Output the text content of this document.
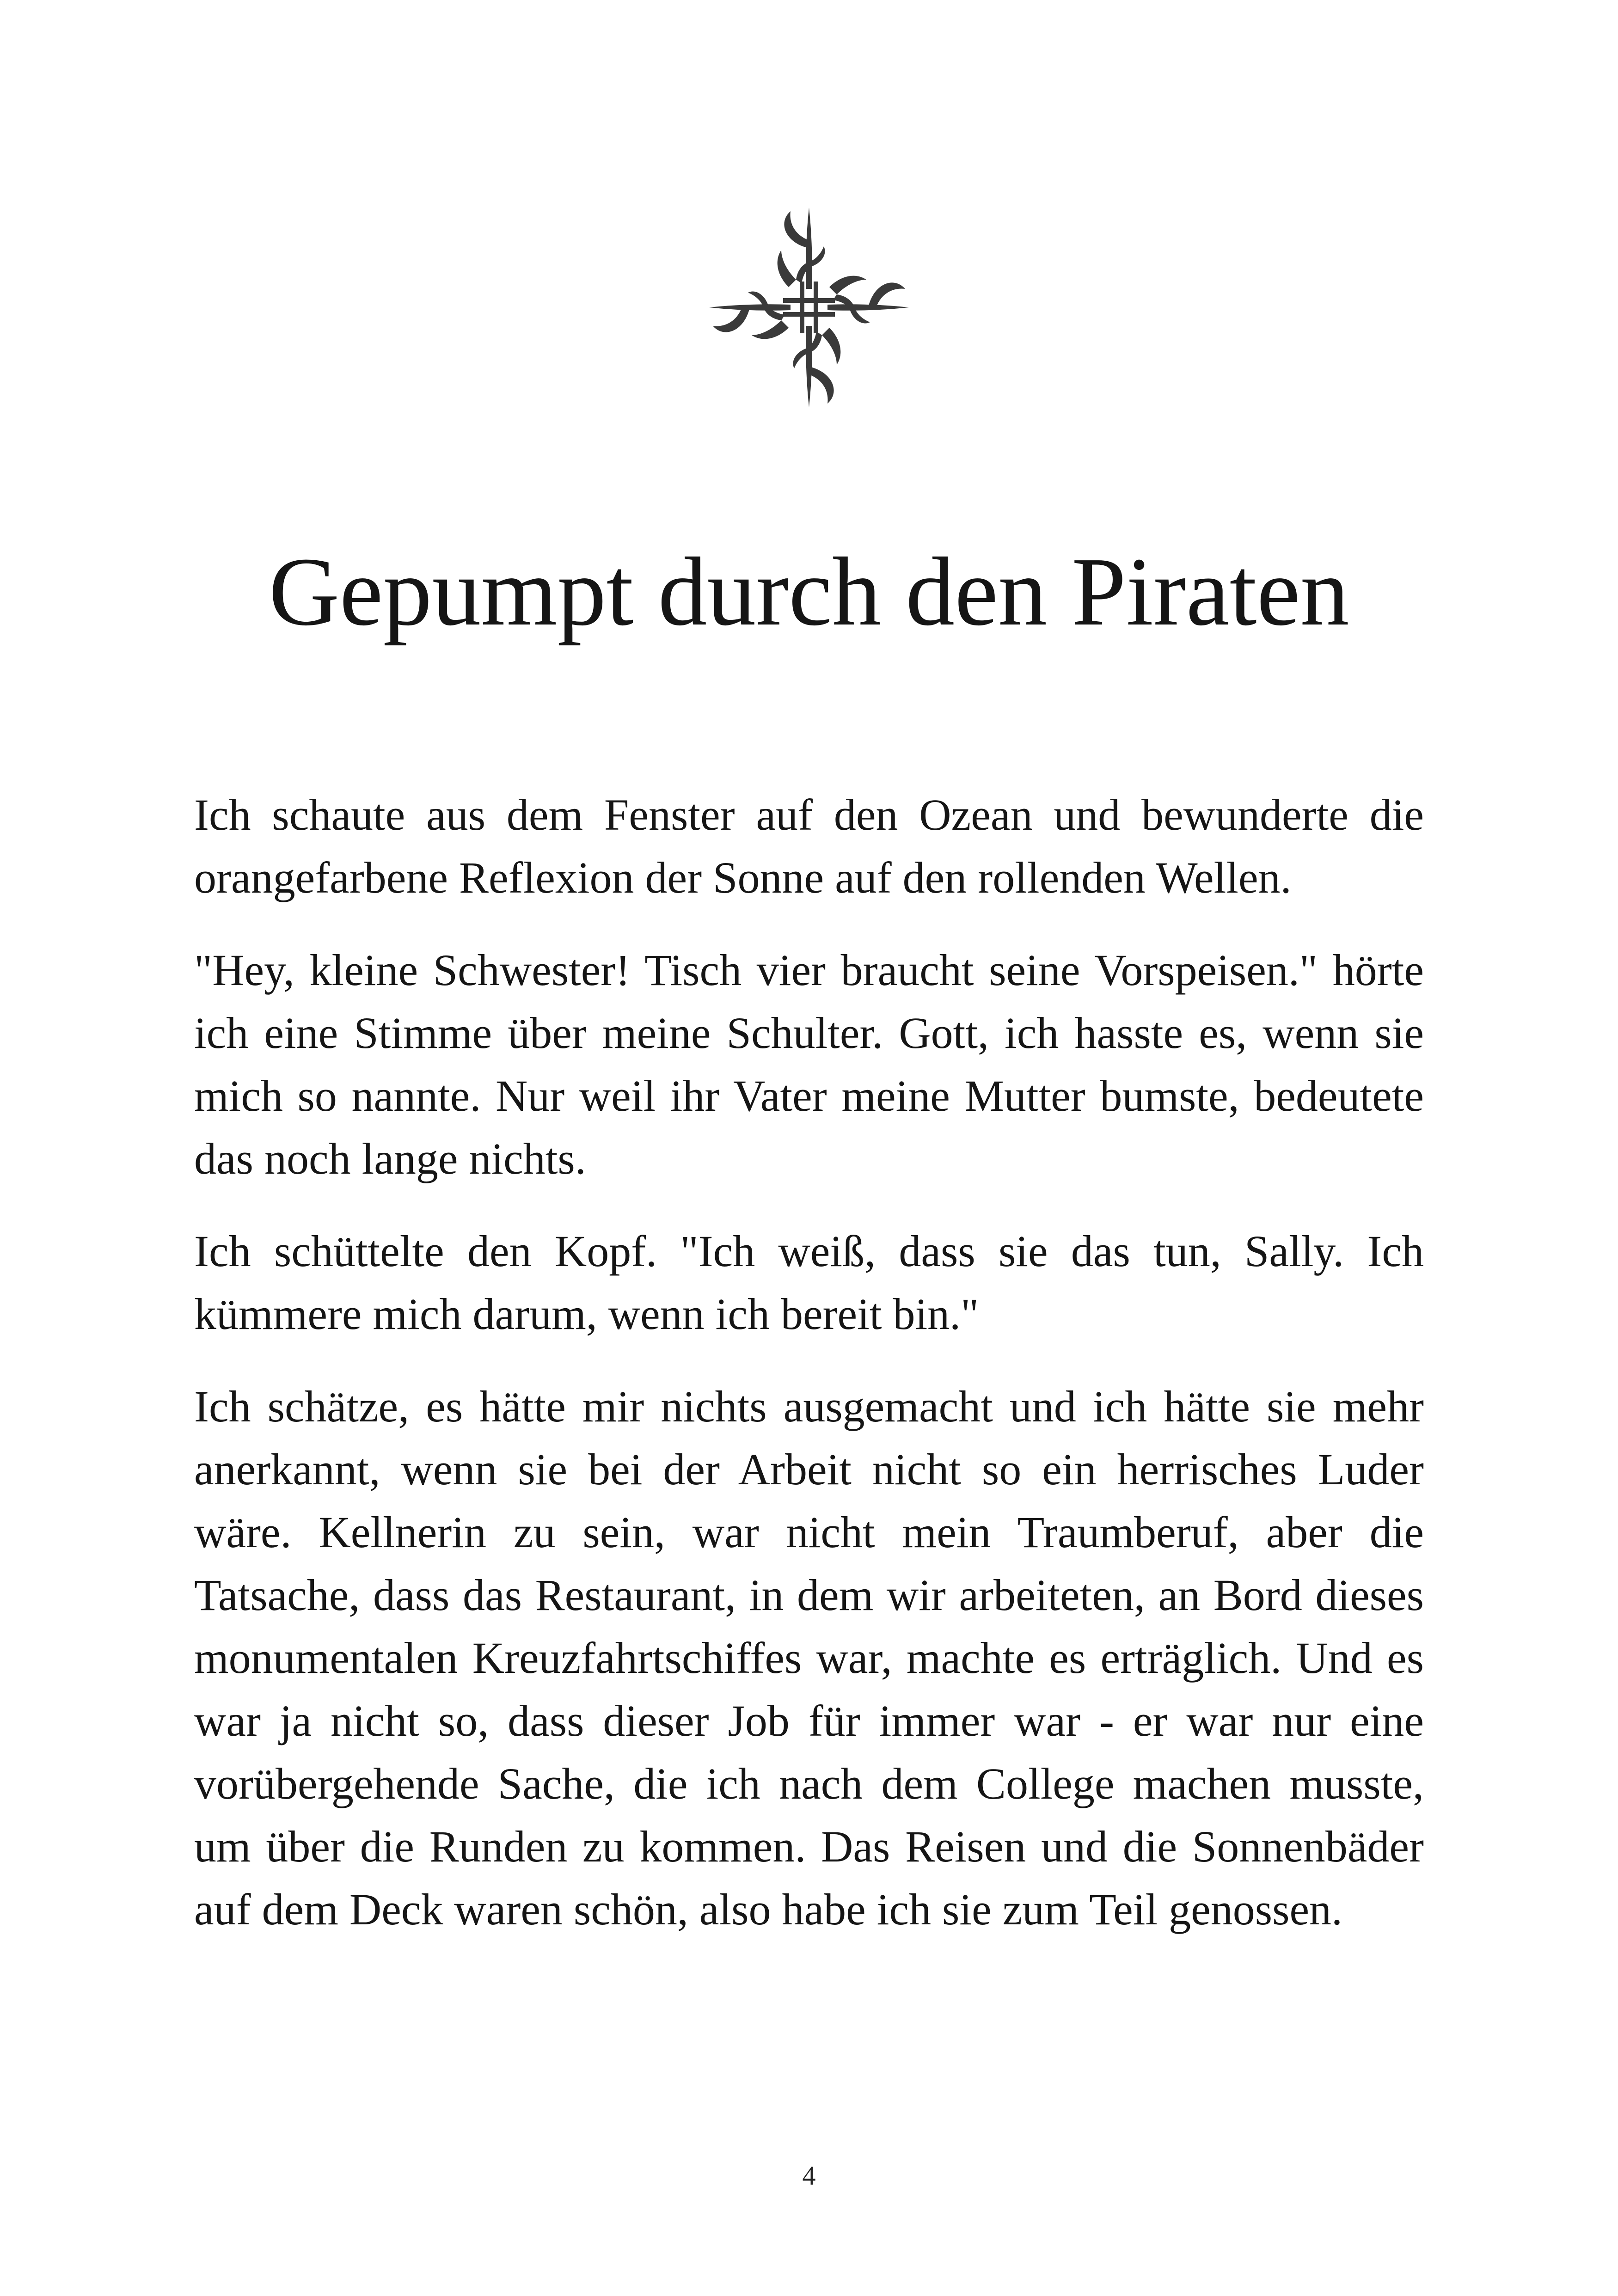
Gepumpt durch den Piraten

Ich schaute aus dem Fenster auf den Ozean und bewunderte die orangefarbene Reflexion der Sonne auf den rollenden Wellen.

"Hey, kleine Schwester! Tisch vier braucht seine Vorspeisen." hörte ich eine Stimme über meine Schulter. Gott, ich hasste es, wenn sie mich so nannte. Nur weil ihr Vater meine Mutter bumste, bedeutete das noch lange nichts.

Ich schüttelte den Kopf. "Ich weiß, dass sie das tun, Sally. Ich kümmere mich darum, wenn ich bereit bin."

Ich schätze, es hätte mir nichts ausgemacht und ich hätte sie mehr anerkannt, wenn sie bei der Arbeit nicht so ein herrisches Luder wäre. Kellnerin zu sein, war nicht mein Traumberuf, aber die Tatsache, dass das Restaurant, in dem wir arbeiteten, an Bord dieses monumentalen Kreuzfahrtschiffes war, machte es erträglich. Und es war ja nicht so, dass dieser Job für immer war - er war nur eine vorübergehende Sache, die ich nach dem College machen musste, um über die Runden zu kommen. Das Reisen und die Sonnenbäder auf dem Deck waren schön, also habe ich sie zum Teil genossen.

4
